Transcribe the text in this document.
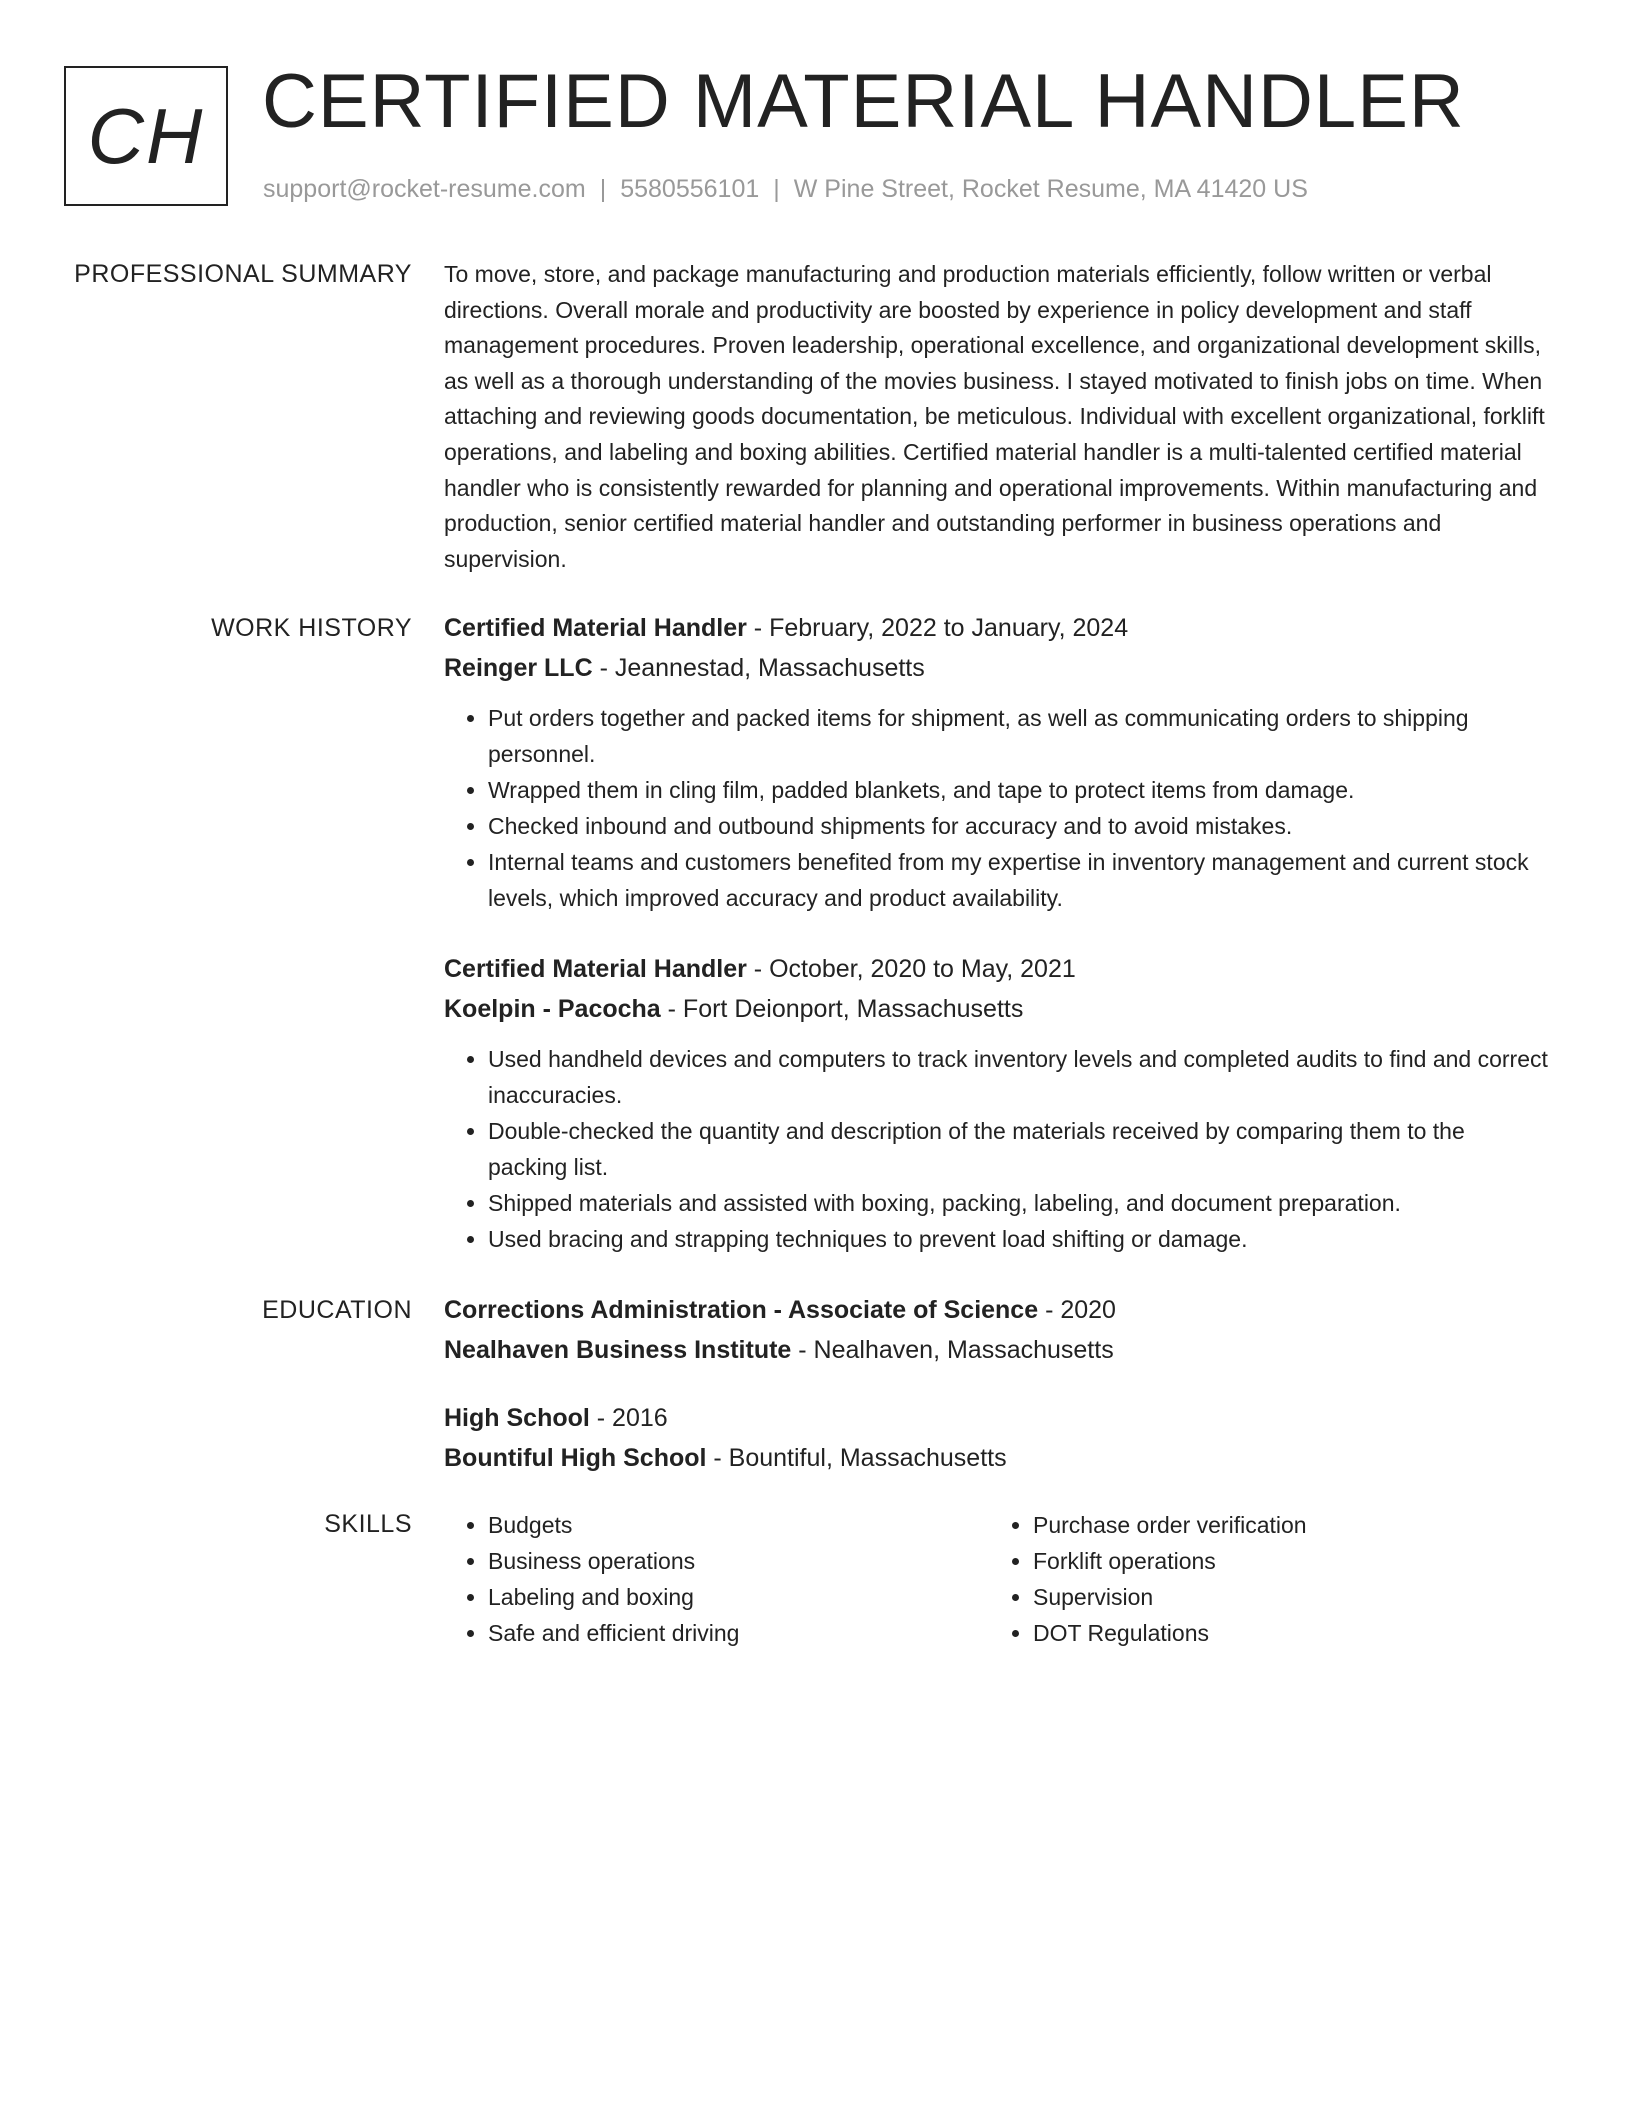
CH CERTIFIED MATERIAL HANDLER
support@rocket-resume.com | 5580556101 | W Pine Street, Rocket Resume, MA 41420 US
PROFESSIONAL SUMMARY To move, store, and package manufacturing and production materials efficiently, follow written or verbal directions. Overall morale and productivity are boosted by experience in policy development and staff management procedures. Proven leadership, operational excellence, and organizational development skills, as well as a thorough understanding of the movies business. I stayed motivated to finish jobs on time. When attaching and reviewing goods documentation, be meticulous. Individual with excellent organizational, forklift operations, and labeling and boxing abilities. Certified material handler is a multi-talented certified material handler who is consistently rewarded for planning and operational improvements. Within manufacturing and production, senior certified material handler and outstanding performer in business operations and supervision.

WORK HISTORY Certified Material Handler - February, 2022 to January, 2024
Reinger LLC - Jeannestad, Massachusetts
• Put orders together and packed items for shipment, as well as communicating orders to shipping personnel.
• Wrapped them in cling film, padded blankets, and tape to protect items from damage.
• Checked inbound and outbound shipments for accuracy and to avoid mistakes.
• Internal teams and customers benefited from my expertise in inventory management and current stock levels, which improved accuracy and product availability.
Certified Material Handler - October, 2020 to May, 2021
Koelpin - Pacocha - Fort Deionport, Massachusetts
• Used handheld devices and computers to track inventory levels and completed audits to find and correct inaccuracies.
• Double-checked the quantity and description of the materials received by comparing them to the packing list.
• Shipped materials and assisted with boxing, packing, labeling, and document preparation.
• Used bracing and strapping techniques to prevent load shifting or damage.
EDUCATION Corrections Administration - Associate of Science - 2020
Nealhaven Business Institute - Nealhaven, Massachusetts
High School - 2016
Bountiful High School - Bountiful, Massachusetts
SKILLS
•	Budgets
• Business operations
• Labeling and boxing
• Safe and efficient driving
• Purchase order verification
• Forklift operations
• Supervision
• DOT Regulations
